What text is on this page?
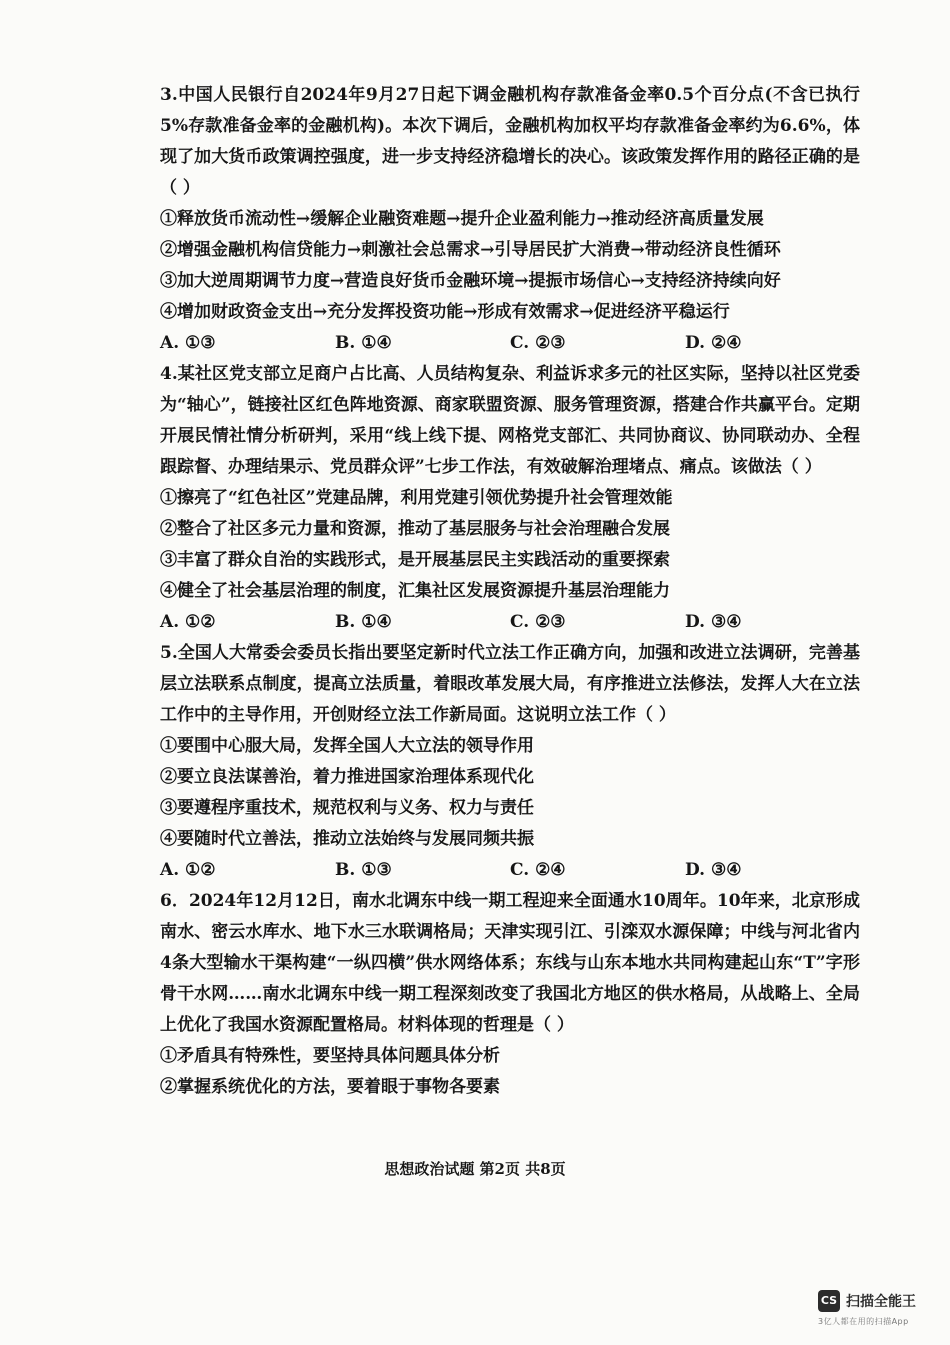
3.中国人民银行自2024年9月27日起下调金融机构存款准备金率0.5个百分点(不含已执行5%存款准备金率的金融机构)。本次下调后，金融机构加权平均存款准备金率约为6.6%，体现了加大货币政策调控强度，进一步支持经济稳增长的决心。该政策发挥作用的路径正确的是（ ）

①释放货币流动性→缓解企业融资难题→提升企业盈利能力→推动经济高质量发展

②增强金融机构信贷能力→刺激社会总需求→引导居民扩大消费→带动经济良性循环

③加大逆周期调节力度→营造良好货币金融环境→提振市场信心→支持经济持续向好

④增加财政资金支出→充分发挥投资功能→形成有效需求→促进经济平稳运行

A. ①③	B. ①④	C. ②③	D. ②④

4.某社区党支部立足商户占比高、人员结构复杂、利益诉求多元的社区实际，坚持以社区党委为“轴心”，链接社区红色阵地资源、商家联盟资源、服务管理资源，搭建合作共赢平台。定期开展民情社情分析研判，采用“线上线下提、网格党支部汇、共同协商议、协同联动办、全程跟踪督、办理结果示、党员群众评”七步工作法，有效破解治理堵点、痛点。该做法（ ）

①擦亮了“红色社区”党建品牌，利用党建引领优势提升社会管理效能

②整合了社区多元力量和资源，推动了基层服务与社会治理融合发展

③丰富了群众自治的实践形式，是开展基层民主实践活动的重要探索

④健全了社会基层治理的制度，汇集社区发展资源提升基层治理能力

A. ①②	B. ①④	C. ②③	D. ③④

5.全国人大常委会委员长指出要坚定新时代立法工作正确方向，加强和改进立法调研，完善基层立法联系点制度，提高立法质量，着眼改革发展大局，有序推进立法修法，发挥人大在立法工作中的主导作用，开创财经立法工作新局面。这说明立法工作（ ）

①要围中心服大局，发挥全国人大立法的领导作用

②要立良法谋善治，着力推进国家治理体系现代化

③要遵程序重技术，规范权利与义务、权力与责任

④要随时代立善法，推动立法始终与发展同频共振

A. ①②	B. ①③	C. ②④	D. ③④

6．2024年12月12日，南水北调东中线一期工程迎来全面通水10周年。10年来，北京形成南水、密云水库水、地下水三水联调格局；天津实现引江、引滦双水源保障；中线与河北省内4条大型输水干渠构建“一纵四横”供水网络体系；东线与山东本地水共同构建起山东“T”字形骨干水网……南水北调东中线一期工程深刻改变了我国北方地区的供水格局，从战略上、全局上优化了我国水资源配置格局。材料体现的哲理是（ ）

①矛盾具有特殊性，要坚持具体问题具体分析

②掌握系统优化的方法，要着眼于事物各要素

思想政治试题 第2页 共8页
CS 扫描全能王
3亿人都在用的扫描App
